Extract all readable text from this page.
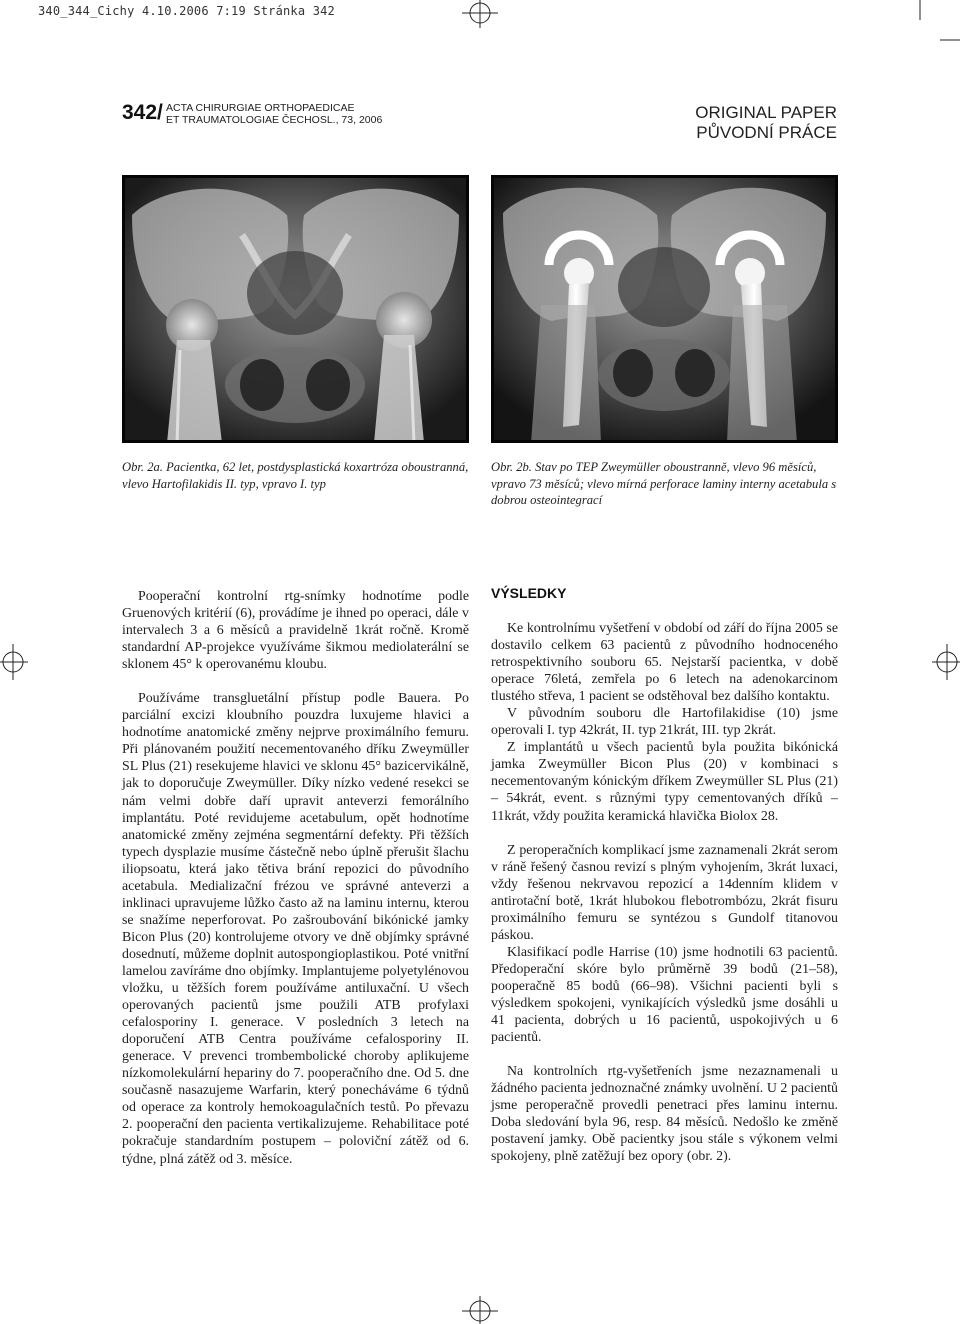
340_344_Cichy 4.10.2006 7:19 Stránka 342
342/ ACTA CHIRURGIAE ORTHOPAEDICAE
ET TRAUMATOLOGIAE ČECHOSL., 73, 2006	ORIGINAL PAPER
PŮVODNÍ PRÁCE
Obr. 2a. Pacientka, 62 let, postdysplastická koxartróza oboustranná, vlevo Hartofilakidis II. typ, vpravo I. typ
Obr. 2b. Stav po TEP Zweymüller oboustranně, vlevo 96 měsíců, vpravo 73 měsíců; vlevo mírná perforace laminy interny acetabula s dobrou osteointegrací

Pooperační kontrolní rtg-snímky hodnotíme podle Gruenových kritérií (6), provádíme je ihned po operaci, dále v intervalech 3 a 6 měsíců a pravidelně 1krát ročně. Kromě standardní AP-projekce využíváme šikmou mediolaterální se sklonem 45° k operovanému kloubu.

Používáme transgluetální přístup podle Bauera. Po parciální excizi kloubního pouzdra luxujeme hlavici a hodnotíme anatomické změny nejprve proximálního femuru. Při plánovaném použití necementovaného dříku Zweymüller SL Plus (21) resekujeme hlavici ve sklonu 45° bazicervikálně, jak to doporučuje Zweymüller. Díky nízko vedené resekci se nám velmi dobře daří upravit anteverzi femorálního implantátu. Poté revidujeme acetabulum, opět hodnotíme anatomické změny zejména segmentární defekty. Při těžších typech dysplazie musíme částečně nebo úplně přerušit šlachu iliopsoatu, která jako tětiva brání repozici do původního acetabula. Medializační frézou ve správné anteverzi a inklinaci upravujeme lůžko často až na laminu internu, kterou se snažíme neperforovat. Po zašroubování bikónické jamky Bicon Plus (20) kontrolujeme otvory ve dně objímky správné dosednutí, můžeme doplnit autospongioplastikou. Poté vnitřní lamelou zavíráme dno objímky. Implantujeme polyetylénovou vložku, u těžších forem používáme antiluxační. U všech operovaných pacientů jsme použili ATB profylaxi cefalosporiny I. generace. V posledních 3 letech na doporučení ATB Centra používáme cefalosporiny II. generace. V prevenci trombembolické choroby aplikujeme nízkomolekulární heparinу do 7. pooperačního dne. Od 5. dne současně nasazujeme Warfarin, který ponecháváme 6 týdnů od operace za kontroly hemokoagulačních testů. Po převazu 2. pooperační den pacienta vertikalizujeme. Rehabilitace poté pokračuje standardním postupem – poloviční zátěž od 6. týdne, plná zátěž od 3. měsíce.

VÝSLEDKY

Ke kontrolnímu vyšetření v období od září do října 2005 se dostavilo celkem 63 pacientů z původního hodnoceného retrospektivního souboru 65. Nejstarší pacientka, v době operace 76letá, zemřela po 6 letech na adenokarcinom tlustého střeva, 1 pacient se odstěhoval bez dalšího kontaktu.

V původním souboru dle Hartofilakidise (10) jsme operovali I. typ 42krát, II. typ 21krát, III. typ 2krát.

Z implantátů u všech pacientů byla použita bikónická jamka Zweymüller Bicon Plus (20) v kombinaci s necementovaným kónickým dříkem Zweymüller SL Plus (21) – 54krát, event. s různými typy cementovaných dříků – 11krát, vždy použita keramická hlavička Biolox 28.

Z peroperačních komplikací jsme zaznamenali 2krát serom v ráně řešený časnou revizí s plným vyhojením, 3krát luxaci, vždy řešenou nekrvavou repozicí a 14denním klidem v antirotační botě, 1krát hlubokou flebotrombózu, 2krát fisuru proximálního femuru se syntézou s Gundolf titanovou páskou.

Klasifikací podle Harrise (10) jsme hodnotili 63 pacientů. Předoperační skóre bylo průměrně 39 bodů (21–58), pooperačně 85 bodů (66–98). Všichni pacienti byli s výsledkem spokojeni, vynikajících výsledků jsme dosáhli u 41 pacienta, dobrých u 16 pacientů, uspokojivých u 6 pacientů.

Na kontrolních rtg-vyšetřeních jsme nezaznamenali u žádného pacienta jednoznačné známky uvolnění. U 2 pacientů jsme peroperačně provedli penetraci přes laminu internu. Doba sledování byla 96, resp. 84 měsíců. Nedošlo ke změně postavení jamky. Obě pacientky jsou stále s výkonem velmi spokojeny, plně zatěžují bez opory (obr. 2).
